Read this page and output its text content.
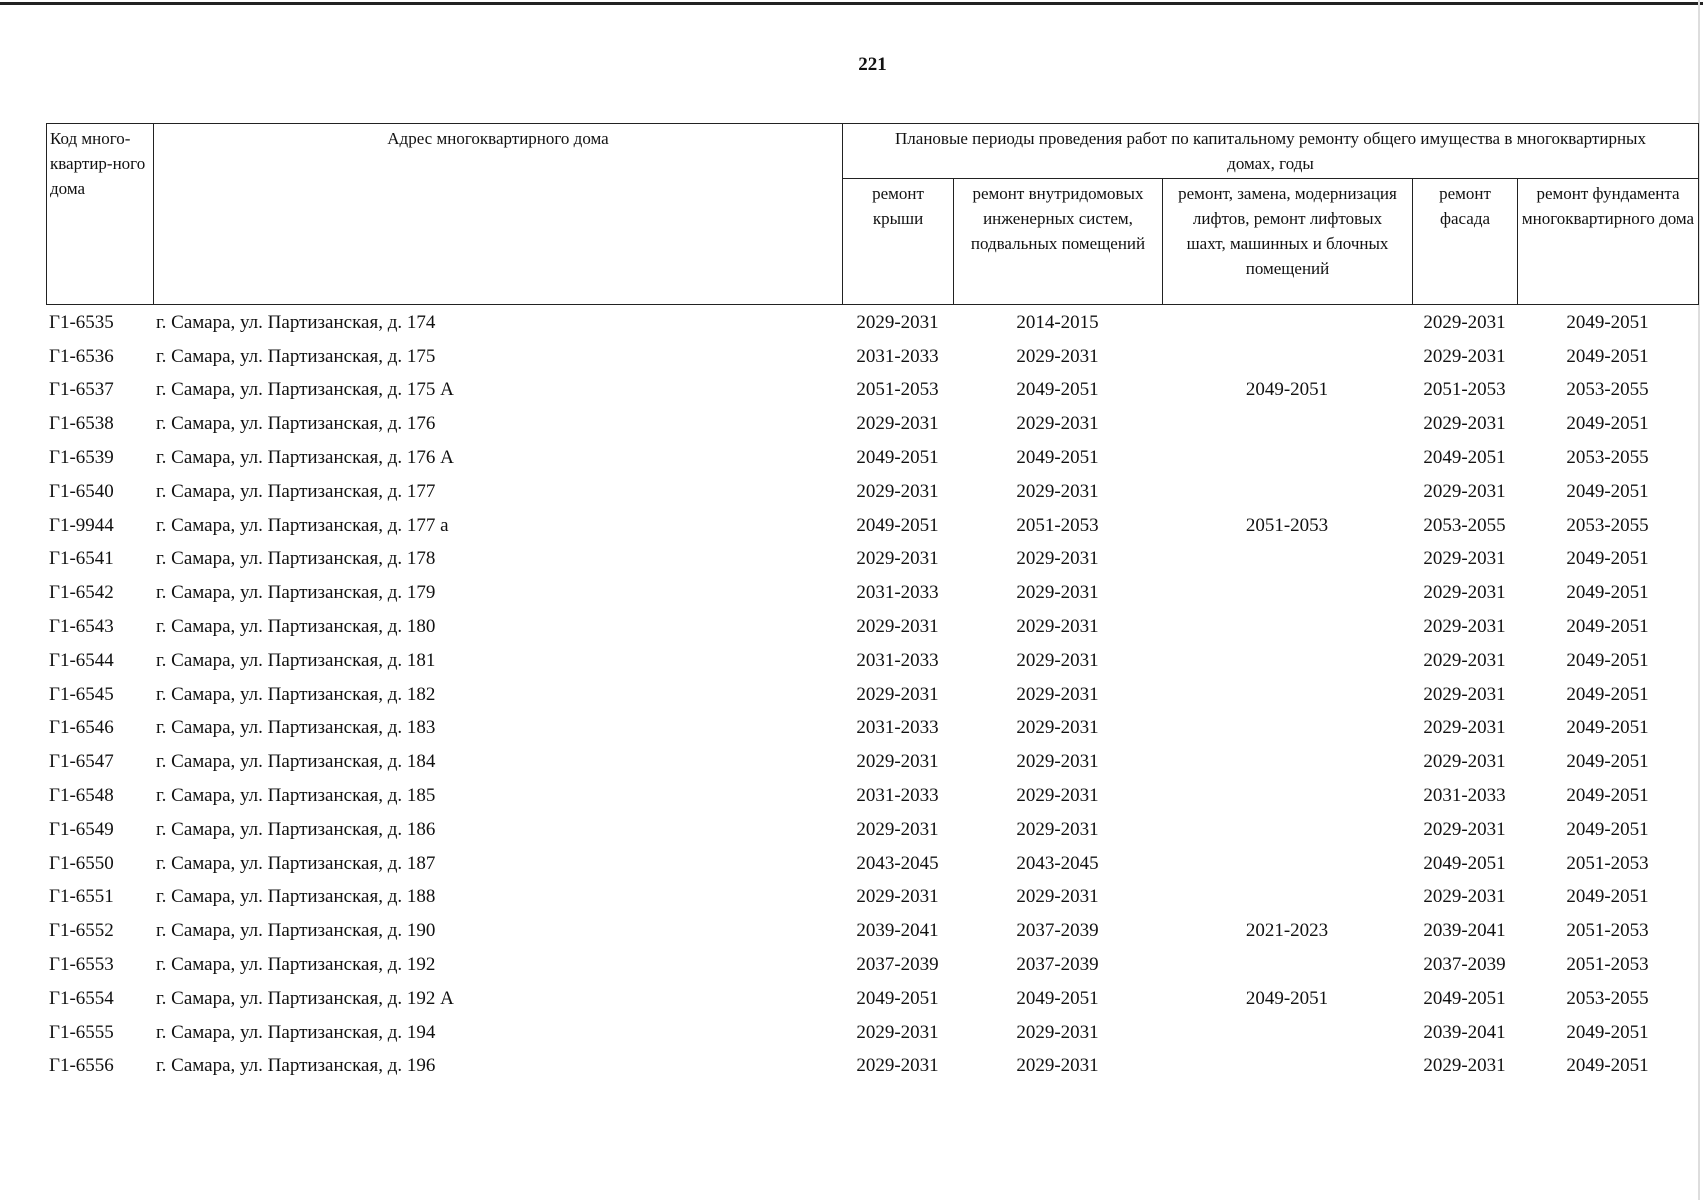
221
Код много-квартир-ного дома	Адрес многоквартирного дома	Плановые периоды проведения работ по капитальному ремонту общего имущества в многоквартирных домах, годы				
		ремонт крыши	ремонт внутридомовых инженерных систем, подвальных помещений	ремонт, замена, модернизация лифтов, ремонт лифтовых шахт, машинных и блочных помещений	ремонт фасада	ремонт фундамента многоквартирного дома
Г1-6535	г. Самара, ул. Партизанская, д. 174	2029-2031	2014-2015		2029-2031	2049-2051
Г1-6536	г. Самара, ул. Партизанская, д. 175	2031-2033	2029-2031		2029-2031	2049-2051
Г1-6537	г. Самара, ул. Партизанская, д. 175 А	2051-2053	2049-2051	2049-2051	2051-2053	2053-2055
Г1-6538	г. Самара, ул. Партизанская, д. 176	2029-2031	2029-2031		2029-2031	2049-2051
Г1-6539	г. Самара, ул. Партизанская, д. 176 А	2049-2051	2049-2051		2049-2051	2053-2055
Г1-6540	г. Самара, ул. Партизанская, д. 177	2029-2031	2029-2031		2029-2031	2049-2051
Г1-9944	г. Самара, ул. Партизанская, д. 177 а	2049-2051	2051-2053	2051-2053	2053-2055	2053-2055
Г1-6541	г. Самара, ул. Партизанская, д. 178	2029-2031	2029-2031		2029-2031	2049-2051
Г1-6542	г. Самара, ул. Партизанская, д. 179	2031-2033	2029-2031		2029-2031	2049-2051
Г1-6543	г. Самара, ул. Партизанская, д. 180	2029-2031	2029-2031		2029-2031	2049-2051
Г1-6544	г. Самара, ул. Партизанская, д. 181	2031-2033	2029-2031		2029-2031	2049-2051
Г1-6545	г. Самара, ул. Партизанская, д. 182	2029-2031	2029-2031		2029-2031	2049-2051
Г1-6546	г. Самара, ул. Партизанская, д. 183	2031-2033	2029-2031		2029-2031	2049-2051
Г1-6547	г. Самара, ул. Партизанская, д. 184	2029-2031	2029-2031		2029-2031	2049-2051
Г1-6548	г. Самара, ул. Партизанская, д. 185	2031-2033	2029-2031		2031-2033	2049-2051
Г1-6549	г. Самара, ул. Партизанская, д. 186	2029-2031	2029-2031		2029-2031	2049-2051
Г1-6550	г. Самара, ул. Партизанская, д. 187	2043-2045	2043-2045		2049-2051	2051-2053
Г1-6551	г. Самара, ул. Партизанская, д. 188	2029-2031	2029-2031		2029-2031	2049-2051
Г1-6552	г. Самара, ул. Партизанская, д. 190	2039-2041	2037-2039	2021-2023	2039-2041	2051-2053
Г1-6553	г. Самара, ул. Партизанская, д. 192	2037-2039	2037-2039		2037-2039	2051-2053
Г1-6554	г. Самара, ул. Партизанская, д. 192 А	2049-2051	2049-2051	2049-2051	2049-2051	2053-2055
Г1-6555	г. Самара, ул. Партизанская, д. 194	2029-2031	2029-2031		2039-2041	2049-2051
Г1-6556	г. Самара, ул. Партизанская, д. 196	2029-2031	2029-2031		2029-2031	2049-2051
